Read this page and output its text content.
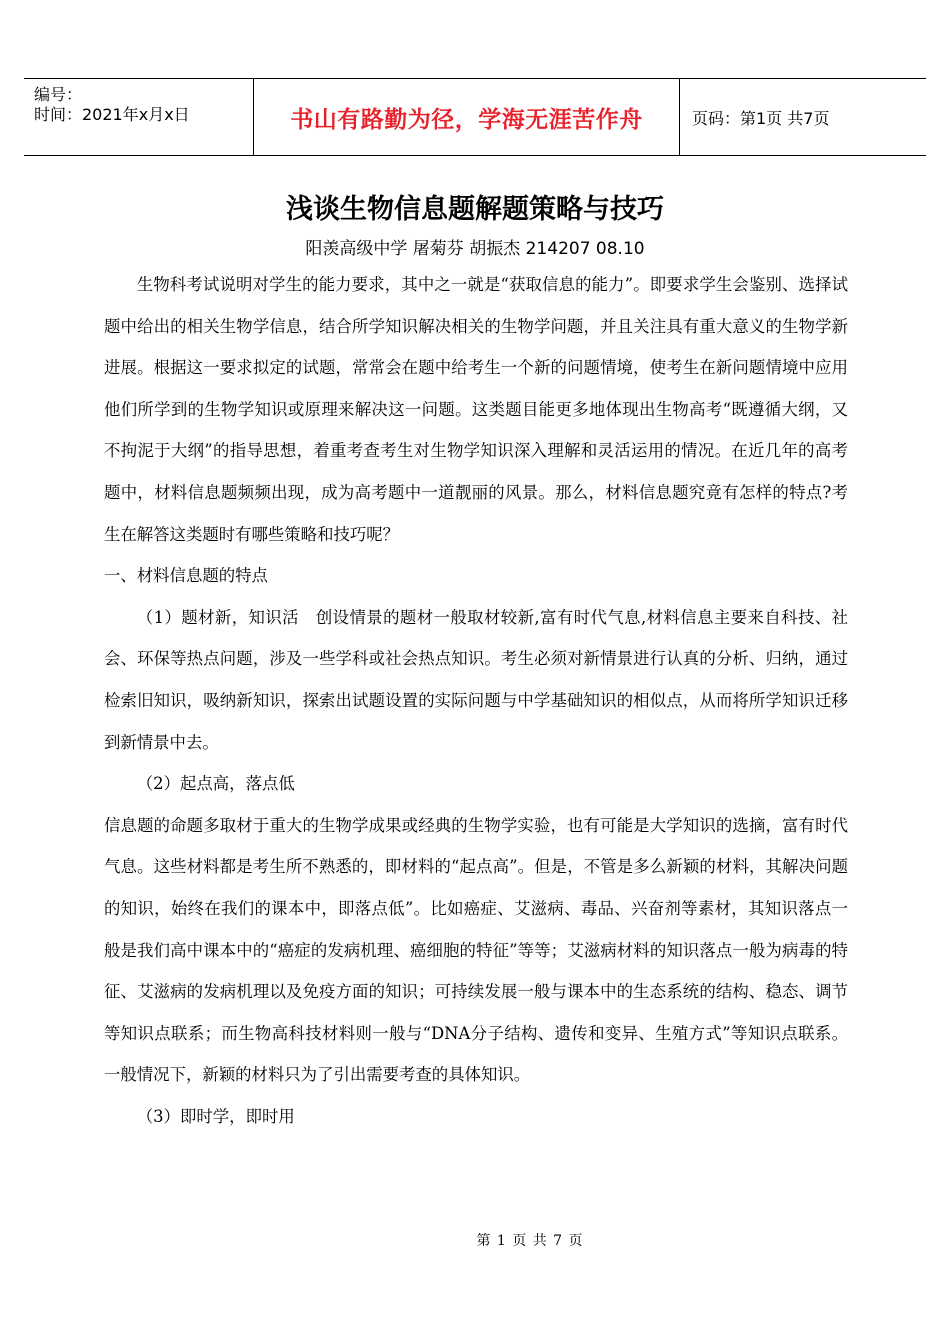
编号：
时间：2021年x月x日	书山有路勤为径，学海无涯苦作舟	页码：第1页 共7页
浅谈生物信息题解题策略与技巧
阳羡高级中学 屠菊芬 胡振杰 214207 08.10

生物科考试说明对学生的能力要求，其中之一就是“获取信息的能力”。即要求学生会鉴别、选择试题中给出的相关生物学信息，结合所学知识解决相关的生物学问题，并且关注具有重大意义的生物学新进展。根据这一要求拟定的试题，常常会在题中给考生一个新的问题情境，使考生在新问题情境中应用他们所学到的生物学知识或原理来解决这一问题。这类题目能更多地体现出生物高考“既遵循大纲，又不拘泥于大纲”的指导思想，着重考查考生对生物学知识深入理解和灵活运用的情况。在近几年的高考题中，材料信息题频频出现，成为高考题中一道靓丽的风景。那么，材料信息题究竟有怎样的特点?考生在解答这类题时有哪些策略和技巧呢？

一、材料信息题的特点

（1）题材新，知识活　创设情景的题材一般取材较新,富有时代气息,材料信息主要来自科技、社会、环保等热点问题，涉及一些学科或社会热点知识。考生必须对新情景进行认真的分析、归纳，通过检索旧知识，吸纳新知识，探索出试题设置的实际问题与中学基础知识的相似点，从而将所学知识迁移到新情景中去。

（2）起点高，落点低

信息题的命题多取材于重大的生物学成果或经典的生物学实验，也有可能是大学知识的选摘，富有时代气息。这些材料都是考生所不熟悉的，即材料的“起点高”。但是，不管是多么新颖的材料，其解决问题的知识，始终在我们的课本中，即落点低”。比如癌症、艾滋病、毒品、兴奋剂等素材，其知识落点一般是我们高中课本中的“癌症的发病机理、癌细胞的特征”等等；艾滋病材料的知识落点一般为病毒的特征、艾滋病的发病机理以及免疫方面的知识；可持续发展一般与课本中的生态系统的结构、稳态、调节等知识点联系；而生物高科技材料则一般与“DNA分子结构、遗传和变异、生殖方式”等知识点联系。一般情况下，新颖的材料只为了引出需要考查的具体知识。

（3）即时学，即时用

第 1 页 共 7 页
